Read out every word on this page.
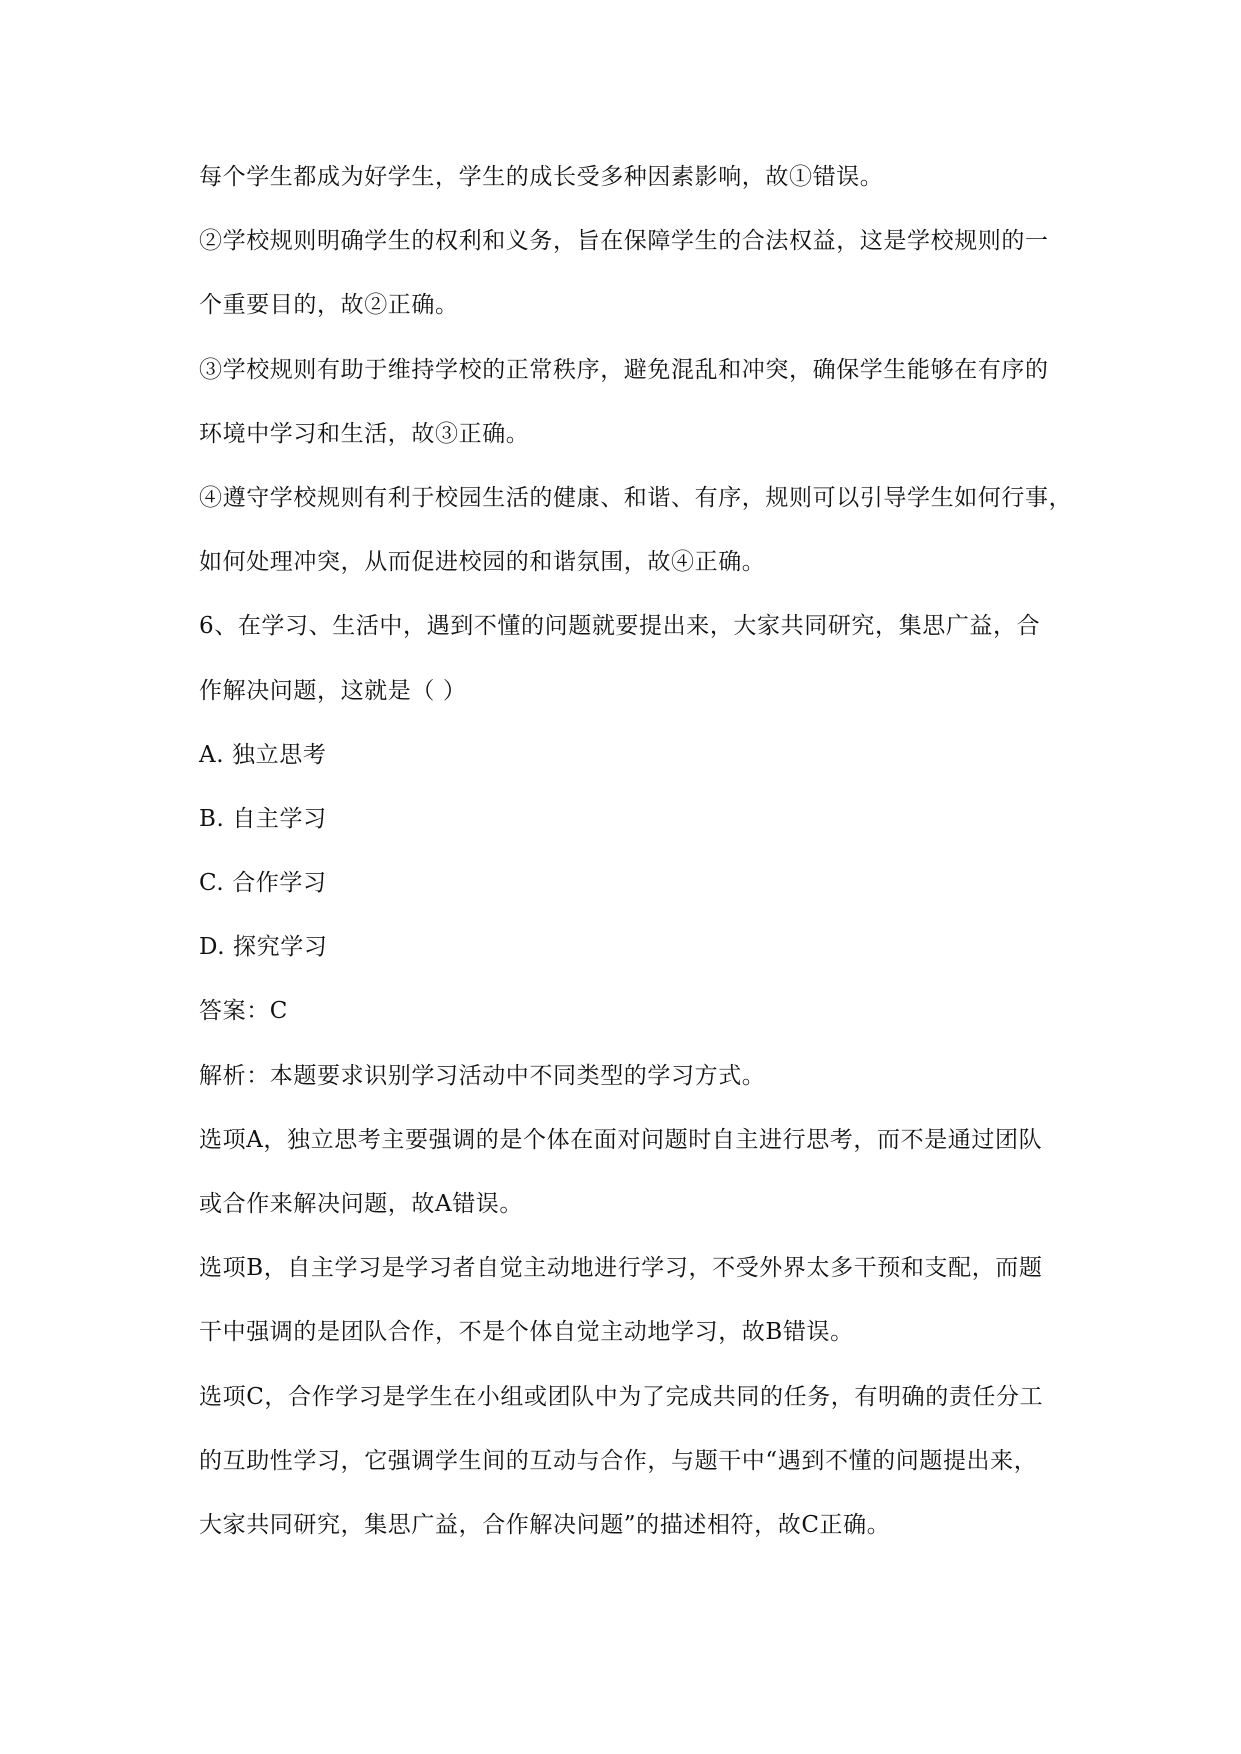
每个学生都成为好学生，学生的成长受多种因素影响，故①错误。
②学校规则明确学生的权利和义务，旨在保障学生的合法权益，这是学校规则的一
个重要目的，故②正确。
③学校规则有助于维持学校的正常秩序，避免混乱和冲突，确保学生能够在有序的
环境中学习和生活，故③正确。
④遵守学校规则有利于校园生活的健康、和谐、有序，规则可以引导学生如何行事，
如何处理冲突，从而促进校园的和谐氛围，故④正确。
6、在学习、生活中，遇到不懂的问题就要提出来，大家共同研究，集思广益，合
作解决问题，这就是（ ）
A. 独立思考
B. 自主学习
C. 合作学习
D. 探究学习
答案：C
解析：本题要求识别学习活动中不同类型的学习方式。
选项A，独立思考主要强调的是个体在面对问题时自主进行思考，而不是通过团队
或合作来解决问题，故A错误。
选项B，自主学习是学习者自觉主动地进行学习，不受外界太多干预和支配，而题
干中强调的是团队合作，不是个体自觉主动地学习，故B错误。
选项C，合作学习是学生在小组或团队中为了完成共同的任务，有明确的责任分工
的互助性学习，它强调学生间的互动与合作，与题干中“遇到不懂的问题提出来，
大家共同研究，集思广益，合作解决问题”的描述相符，故C正确。
